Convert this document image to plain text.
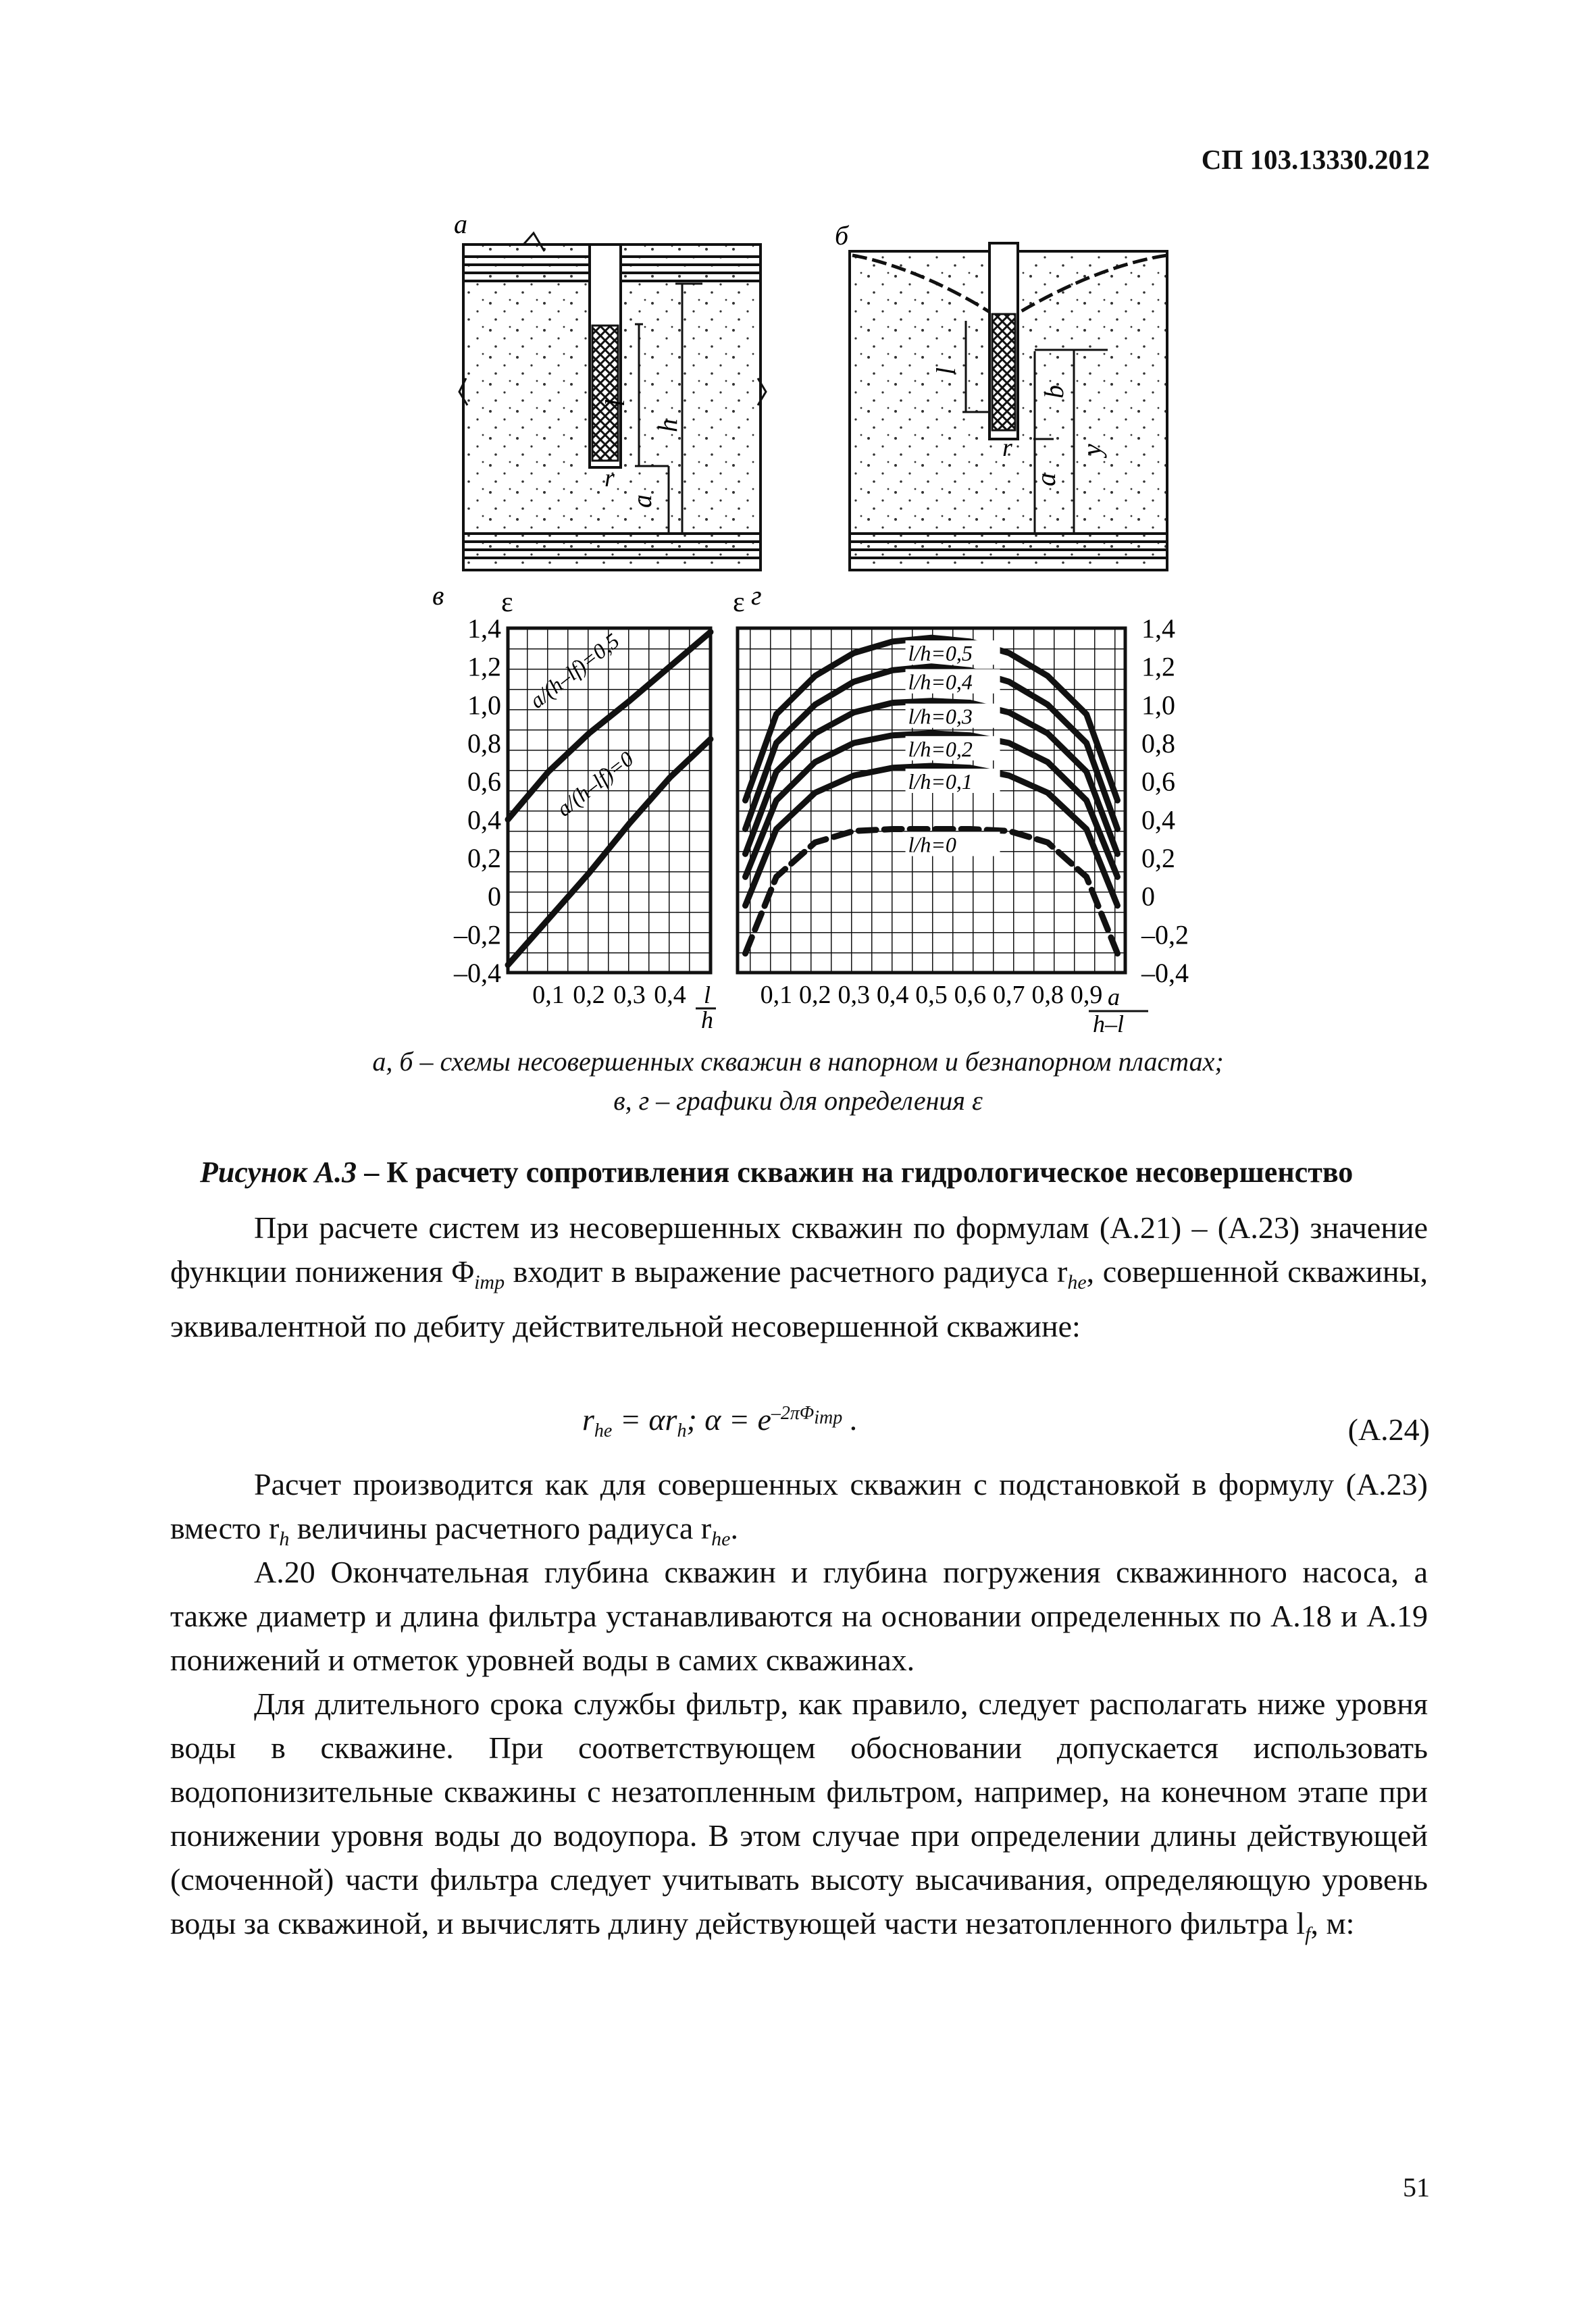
СП 103.13330.2012
а
l
h
r
a
б
l
b
r y
a
в ε
l
h
a/(h–lf)=0,5
a/(h–lf)=0
1,4
1,2
1,0
0,8
0,6
0,4
0,2
0
–0,2
–0,4
0,1 0,2 0,3 0,4
ε г
a
h–l
1,4
1,2
1,0
0,8
0,6
0,4
0,2
0
–0,2
–0,4
0,1 0,2 0,3 0,4 0,5 0,6 0,7 0,8 0,9
l/h=0,5
l/h=0,4
l/h=0,3
l/h=0,2
l/h=0,1
l/h=0
а, б – схемы несовершенных скважин в напорном и безнапорном пластах;
в, г – графики для определения ε
Рисунок А.3 – К расчету сопротивления скважин на гидрологическое несовершенство

При расчете систем из несовершенных скважин по формулам (А.21) – (А.23) значение функции понижения $\Phi_{imp}$ входит в выражение расчетного радиуса $r_{he}$, совершенной скважины, эквивалентной по дебиту действительной несовершенной скважине:

$r_{he} = \alpha r_h$; $\alpha = e^{-2\pi\Phi_{imp}}$ .	(А.24)

Расчет производится как для совершенных скважин с подстановкой в формулу (А.23) вместо $r_h$ величины расчетного радиуса $r_{he}$.

А.20 Окончательная глубина скважин и глубина погружения скважинного насоса, а также диаметр и длина фильтра устанавливаются на основании определенных по А.18 и А.19 понижений и отметок уровней воды в самих скважинах.

Для длительного срока службы фильтр, как правило, следует располагать ниже уровня воды в скважине. При соответствующем обосновании допускается использовать водопонизительные скважины с незатопленным фильтром, например, на конечном этапе при понижении уровня воды до водоупора. В этом случае при определении длины действующей (смоченной) части фильтра следует учитывать высоту высачивания, определяющую уровень воды за скважиной, и вычислять длину действующей части незатопленного фильтра $l_f$, м:

51
